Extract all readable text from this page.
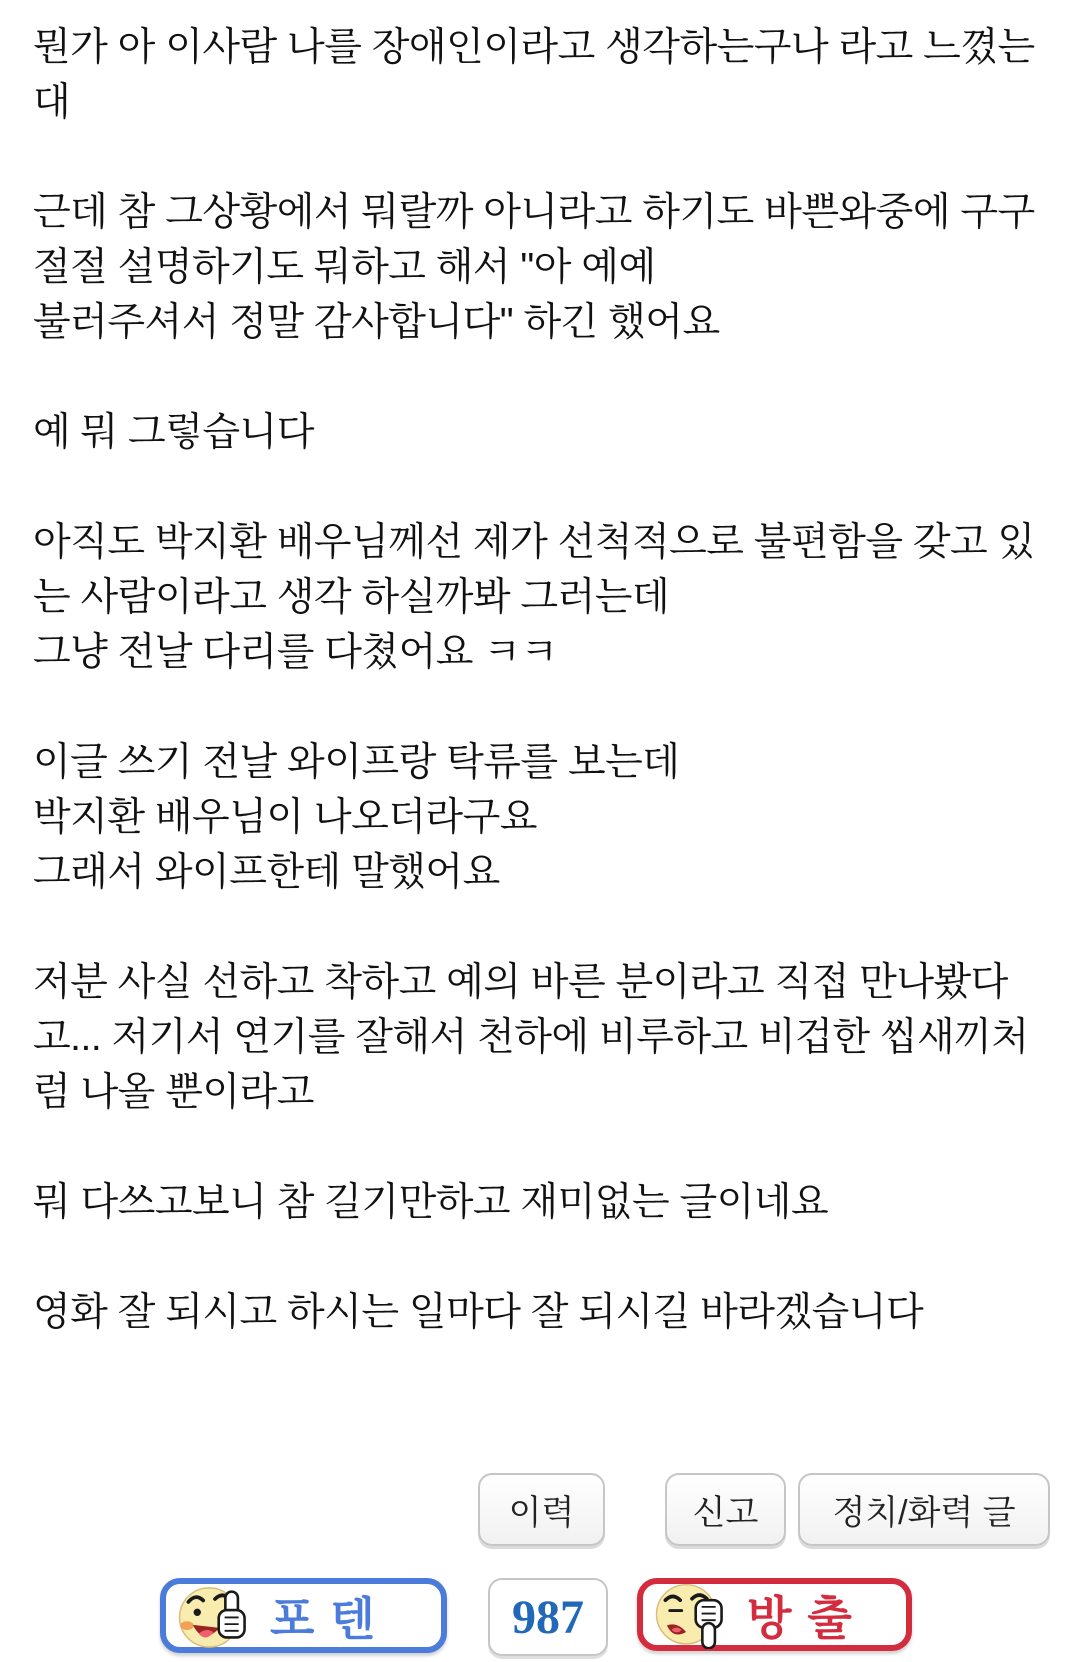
뭔가 아 이사람 나를 장애인이라고 생각하는구나 라고 느꼈는
대
근데 참 그상황에서 뭐랄까 아니라고 하기도 바쁜와중에 구구
절절 설명하기도 뭐하고 해서 "아 예예
불러주셔서 정말 감사합니다" 하긴 했어요
예 뭐 그렇습니다
아직도 박지환 배우님께선 제가 선척적으로 불편함을 갖고 있
는 사람이라고 생각 하실까봐 그러는데
그냥 전날 다리를 다쳤어요 ㅋㅋ
이글 쓰기 전날 와이프랑 탁류를 보는데
박지환 배우님이 나오더라구요
그래서 와이프한테 말했어요
저분 사실 선하고 착하고 예의 바른 분이라고 직접 만나봤다
고... 저기서 연기를 잘해서 천하에 비루하고 비겁한 씹새끼처
럼 나올 뿐이라고
뭐 다쓰고보니 참 길기만하고 재미없는 글이네요
영화 잘 되시고 하시는 일마다 잘 되시길 바라겠습니다
이력	신고 정치/화력 글
포텐	987	방출
